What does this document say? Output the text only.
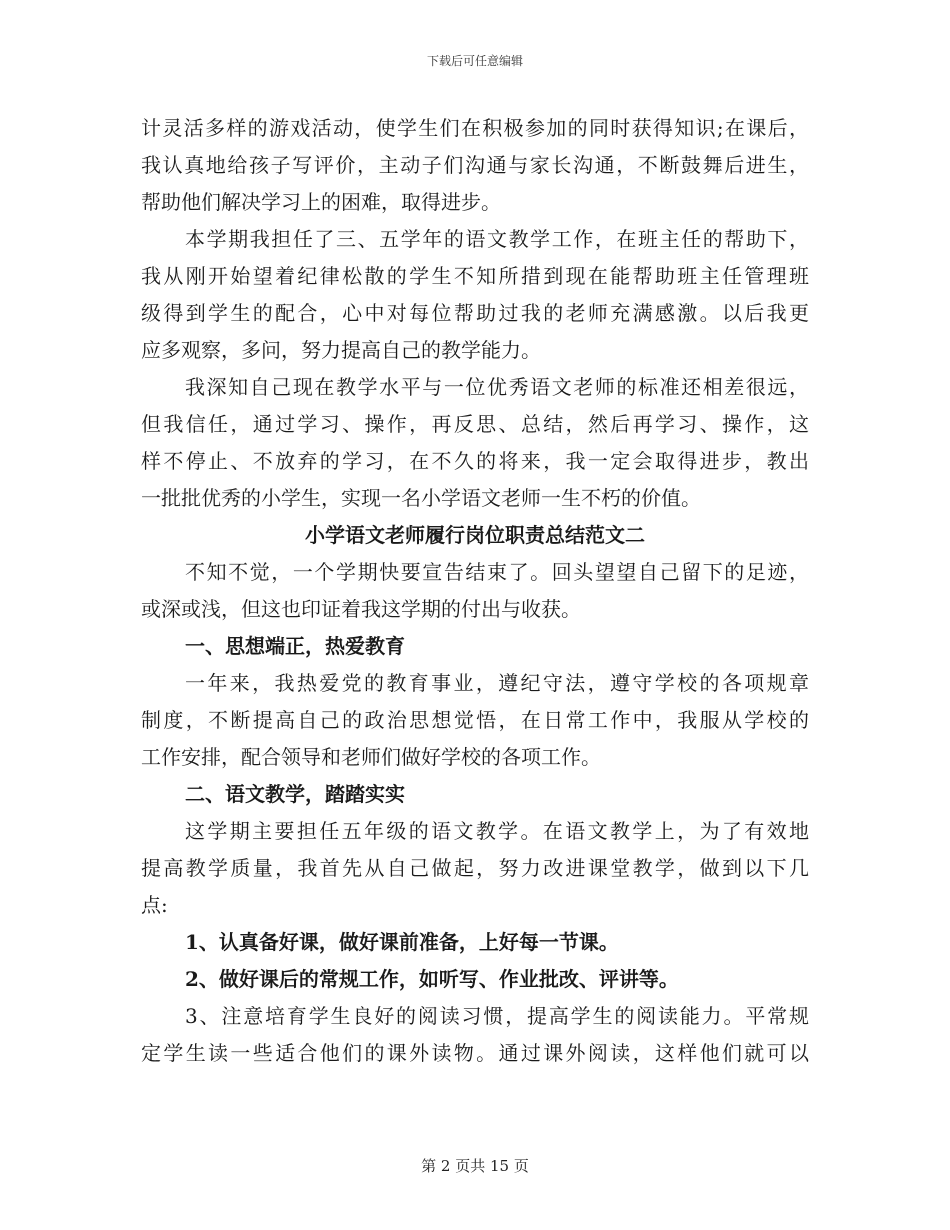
下载后可任意编辑
计灵活多样的游戏活动，使学生们在积极参加的同时获得知识;在课后，
我认真地给孩子写评价，主动子们沟通与家长沟通，不断鼓舞后进生，
帮助他们解决学习上的困难，取得进步。
本学期我担任了三、五学年的语文教学工作，在班主任的帮助下，
我从刚开始望着纪律松散的学生不知所措到现在能帮助班主任管理班
级得到学生的配合，心中对每位帮助过我的老师充满感激。以后我更
应多观察，多问，努力提高自己的教学能力。
我深知自己现在教学水平与一位优秀语文老师的标准还相差很远，
但我信任，通过学习、操作，再反思、总结，然后再学习、操作，这
样不停止、不放弃的学习，在不久的将来，我一定会取得进步，教出
一批批优秀的小学生，实现一名小学语文老师一生不朽的价值。
小学语文老师履行岗位职责总结范文二
不知不觉，一个学期快要宣告结束了。回头望望自己留下的足迹，
或深或浅，但这也印证着我这学期的付出与收获。
一、思想端正，热爱教育
一年来，我热爱党的教育事业，遵纪守法，遵守学校的各项规章
制度，不断提高自己的政治思想觉悟，在日常工作中，我服从学校的
工作安排，配合领导和老师们做好学校的各项工作。
二、语文教学，踏踏实实
这学期主要担任五年级的语文教学。在语文教学上，为了有效地
提高教学质量，我首先从自己做起，努力改进课堂教学，做到以下几
点:
1、认真备好课，做好课前准备，上好每一节课。
2、做好课后的常规工作，如听写、作业批改、评讲等。
3、注意培育学生良好的阅读习惯，提高学生的阅读能力。平常规
定学生读一些适合他们的课外读物。通过课外阅读，这样他们就可以
第 2 页共 15 页
